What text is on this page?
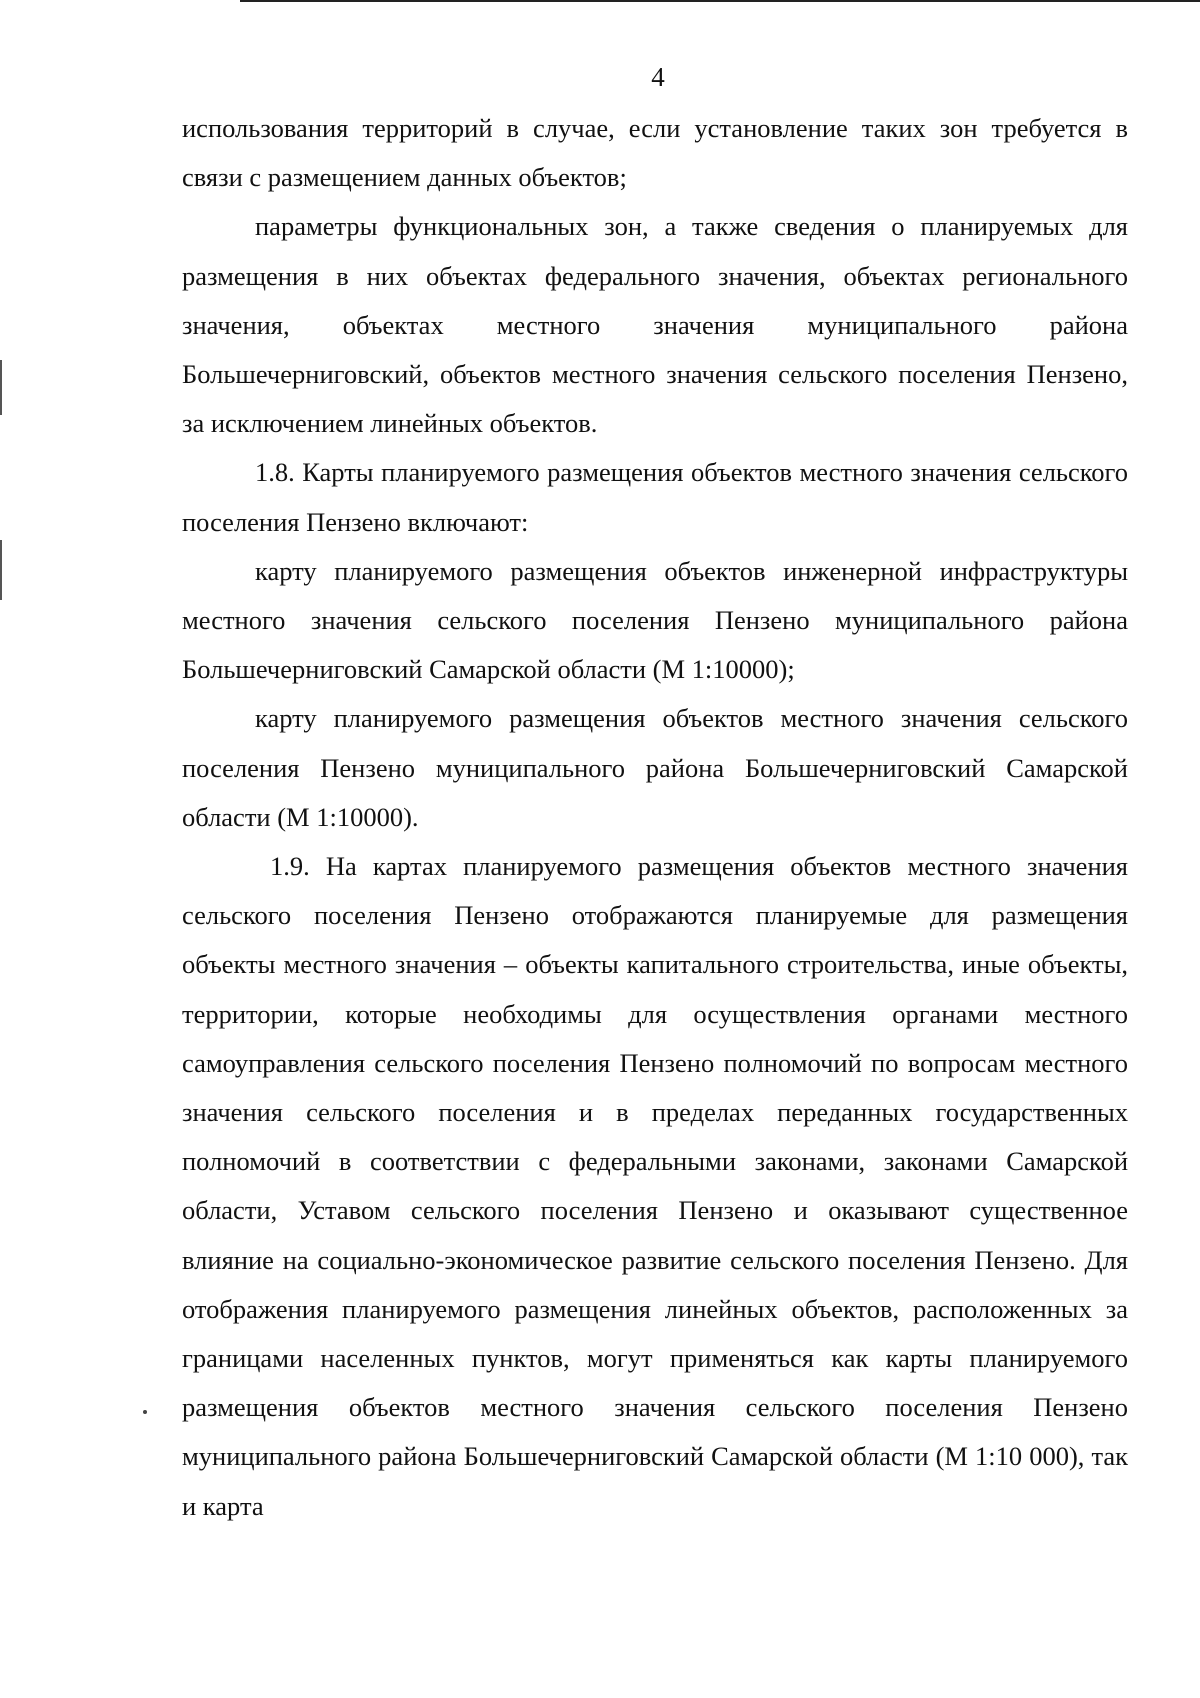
4

использования территорий в случае, если установление таких зон требуется в связи с размещением данных объектов;

параметры функциональных зон, а также сведения о планируемых для размещения в них объектах федерального значения, объектах регионального значения, объектах местного значения муниципального района Большечерниговский, объектов местного значения сельского поселения Пензено, за исключением линейных объектов.

1.8. Карты планируемого размещения объектов местного значения сельского поселения Пензено включают:

карту планируемого размещения объектов инженерной инфраструктуры местного значения сельского поселения Пензено муниципального района Большечерниговский Самарской области (М 1:10000);

карту планируемого размещения объектов местного значения сельского поселения Пензено муниципального района Большечерниговский Самарской области (М 1:10000).

1.9. На картах планируемого размещения объектов местного значения сельского поселения Пензено отображаются планируемые для размещения объекты местного значения – объекты капитального строительства, иные объекты, территории, которые необходимы для осуществления органами местного самоуправления сельского поселения Пензено полномочий по вопросам местного значения сельского поселения и в пределах переданных государственных полномочий в соответствии с федеральными законами, законами Самарской области, Уставом сельского поселения Пензено и оказывают существенное влияние на социально-экономическое развитие сельского поселения Пензено. Для отображения планируемого размещения линейных объектов, расположенных за границами населенных пунктов, могут применяться как карты планируемого размещения объектов местного значения сельского поселения Пензено муниципального района Большечерниговский Самарской области (М 1:10 000), так и карта
